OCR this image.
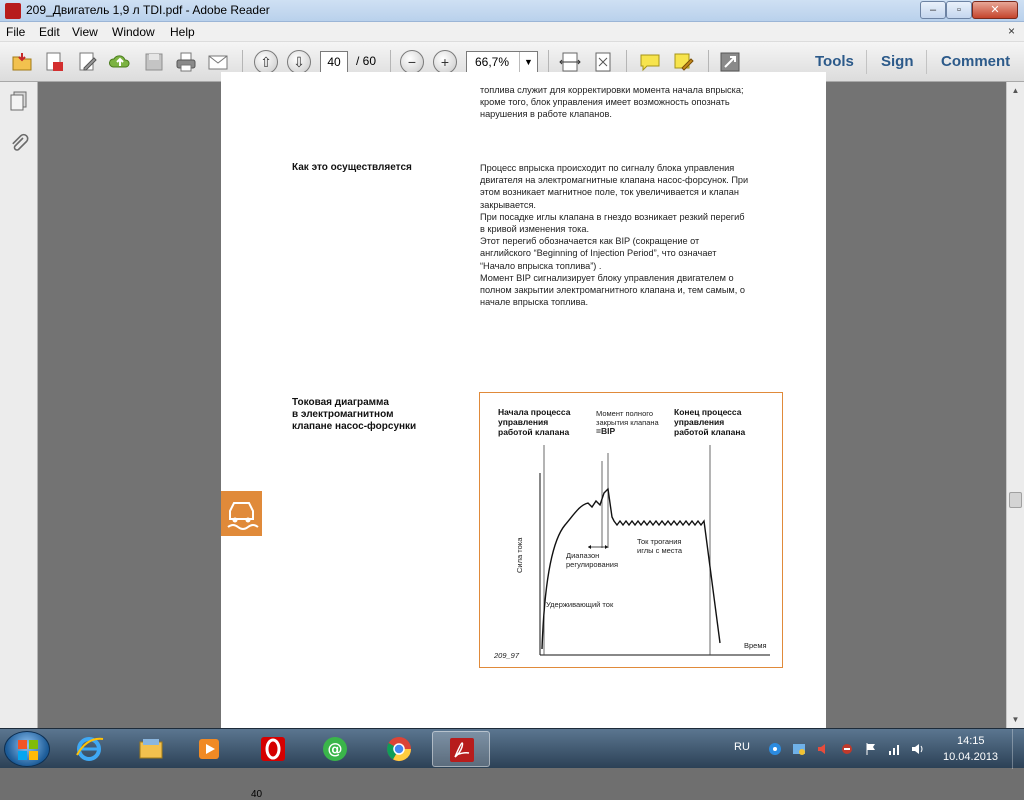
209_Двигатель 1,9 л TDI.pdf - Adobe Reader	–	▫	✕
File Edit View Window Help	×
⇧	⇩	40	/ 60	−	+	66,7%	▼	Tools Sign Comment
топлива служит для корректировки момента начала впрыска;
кроме того, блок управления имеет возможность опознать
нарушения в работе клапанов.
Как это осуществляется	Процесс впрыска происходит по сигналу блока управления
двигателя на электромагнитные клапана насос-форсунок. При
этом возникает магнитное поле, ток увеличивается и клапан
закрывается.
При посадке иглы клапана в гнездо возникает резкий перегиб
в кривой изменения тока.
Этот перегиб обозначается как BIP (сокращение от
английского “Beginning of Injection Period”, что означает
“Начало впрыска топлива”) .
Момент BIP сигнализирует блоку управления двигателем о
полном закрытии электромагнитного клапана и, тем самым, о
начале впрыска топлива.
Токовая диаграмма
в электромагнитном
клапане насос-форсунки
Начала процесса
управления
работой клапана
Момент полного
закрытия клапана
=BIP
Конец процесса
управления
работой клапана
Сила тока	Диапазон
регулирования
Ток трогания
иглы с места
Удерживающий ток
Время
209_97
40
▲
▼
@	RU	14:15
10.04.2013
